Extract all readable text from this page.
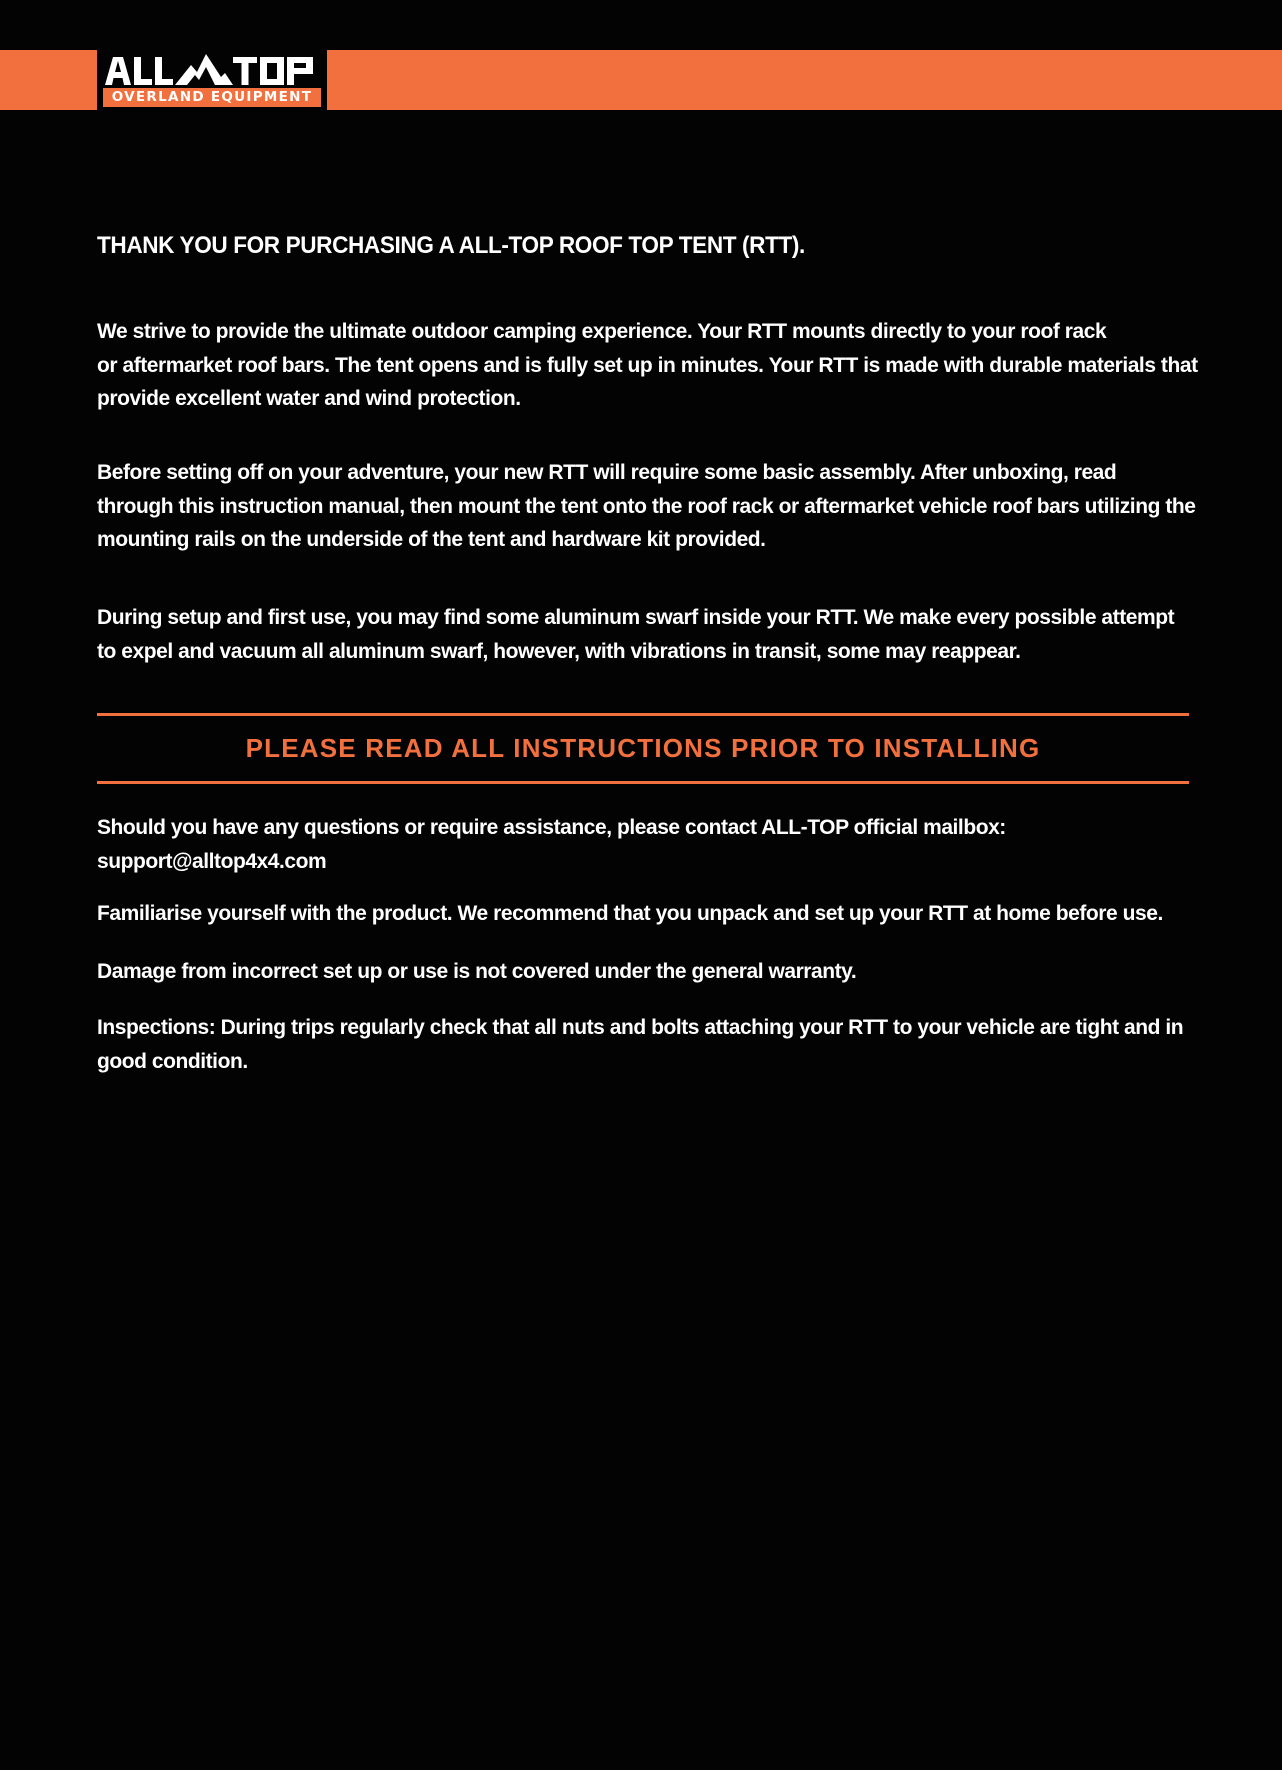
ALL-TOP
OVERLAND EQUIPMENT
THANK YOU FOR PURCHASING A ALL-TOP ROOF TOP TENT (RTT).

We strive to provide the ultimate outdoor camping experience. Your RTT mounts directly to your roof rack
or aftermarket roof bars. The tent opens and is fully set up in minutes. Your RTT is made with durable materials that
provide excellent water and wind protection.

Before setting off on your adventure, your new RTT will require some basic assembly. After unboxing, read
through this instruction manual, then mount the tent onto the roof rack or aftermarket vehicle roof bars utilizing the
mounting rails on the underside of the tent and hardware kit provided.

During setup and first use, you may find some aluminum swarf inside your RTT. We make every possible attempt
to expel and vacuum all aluminum swarf, however, with vibrations in transit, some may reappear.

PLEASE READ ALL INSTRUCTIONS PRIOR TO INSTALLING

Should you have any questions or require assistance, please contact ALL-TOP official mailbox:
support@alltop4x4.com

Familiarise yourself with the product. We recommend that you unpack and set up your RTT at home before use.

Damage from incorrect set up or use is not covered under the general warranty.

Inspections: During trips regularly check that all nuts and bolts attaching your RTT to your vehicle are tight and in
good condition.
